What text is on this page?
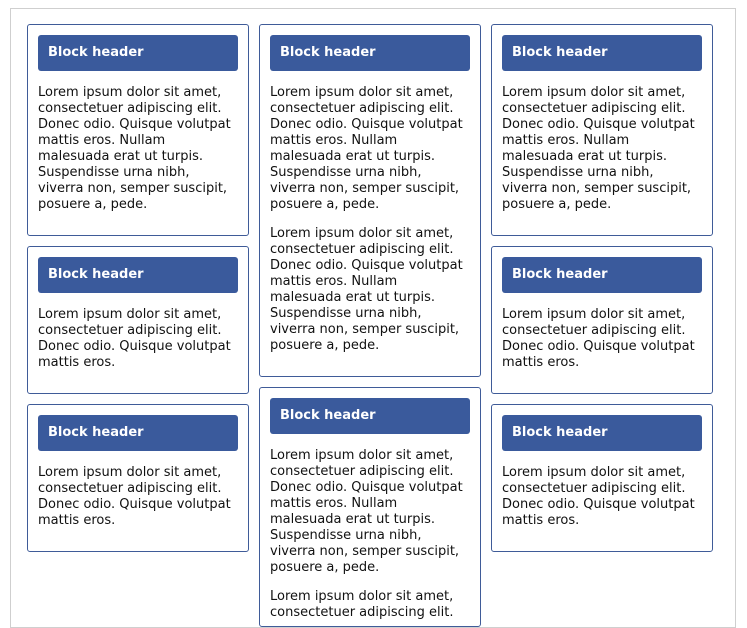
Block header

Lorem ipsum dolor sit amet, consectetuer adipiscing elit. Donec odio. Quisque volutpat mattis eros. Nullam malesuada erat ut turpis. Suspendisse urna nibh, viverra non, semper suscipit, posuere a, pede.

Block header

Lorem ipsum dolor sit amet, consectetuer adipiscing elit. Donec odio. Quisque volutpat mattis eros.

Block header

Lorem ipsum dolor sit amet, consectetuer adipiscing elit. Donec odio. Quisque volutpat mattis eros.

Block header

Lorem ipsum dolor sit amet, consectetuer adipiscing elit. Donec odio. Quisque volutpat mattis eros. Nullam malesuada erat ut turpis. Suspendisse urna nibh, viverra non, semper suscipit, posuere a, pede.

Lorem ipsum dolor sit amet, consectetuer adipiscing elit. Donec odio. Quisque volutpat mattis eros. Nullam malesuada erat ut turpis. Suspendisse urna nibh, viverra non, semper suscipit, posuere a, pede.

Block header

Lorem ipsum dolor sit amet, consectetuer adipiscing elit. Donec odio. Quisque volutpat mattis eros. Nullam malesuada erat ut turpis. Suspendisse urna nibh, viverra non, semper suscipit, posuere a, pede.

Lorem ipsum dolor sit amet, consectetuer adipiscing elit.

Block header

Lorem ipsum dolor sit amet, consectetuer adipiscing elit. Donec odio. Quisque volutpat mattis eros. Nullam malesuada erat ut turpis. Suspendisse urna nibh, viverra non, semper suscipit, posuere a, pede.

Block header

Lorem ipsum dolor sit amet, consectetuer adipiscing elit. Donec odio. Quisque volutpat mattis eros.

Block header

Lorem ipsum dolor sit amet, consectetuer adipiscing elit. Donec odio. Quisque volutpat mattis eros.
